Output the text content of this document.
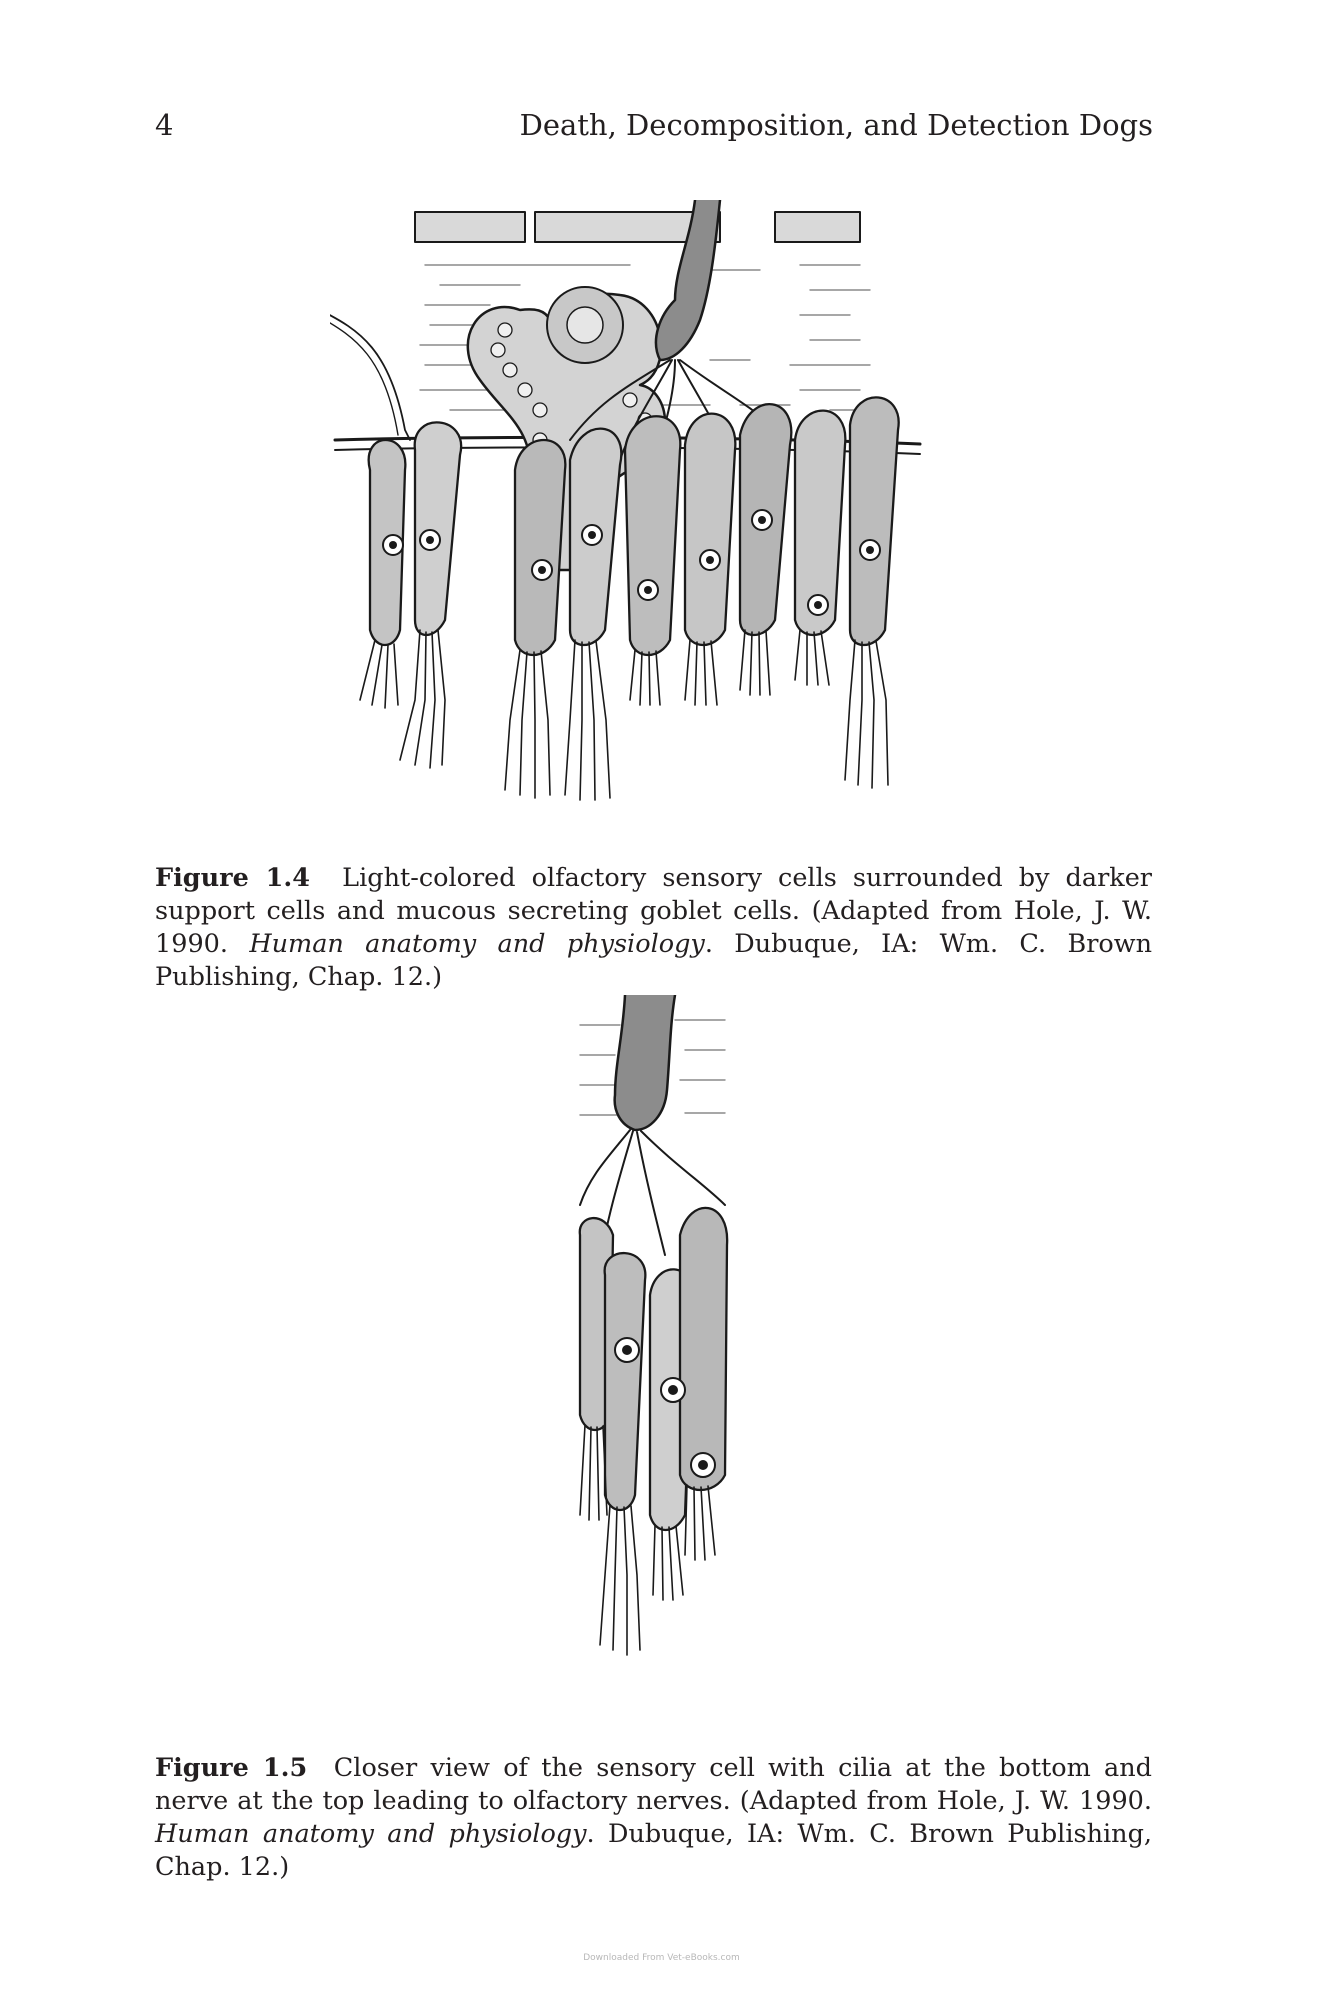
4	Death, Decomposition, and Detection Dogs

Figure 1.4 Light-colored olfactory sensory cells surrounded by darker support cells and mucous secreting goblet cells. (Adapted from Hole, J. W. 1990. Human anatomy and physiology. Dubuque, IA: Wm. C. Brown Publishing, Chap. 12.)

Figure 1.5 Closer view of the sensory cell with cilia at the bottom and nerve at the top leading to olfactory nerves. (Adapted from Hole, J. W. 1990. Human anatomy and physiology. Dubuque, IA: Wm. C. Brown Publishing, Chap. 12.)

Downloaded From Vet-eBooks.com
